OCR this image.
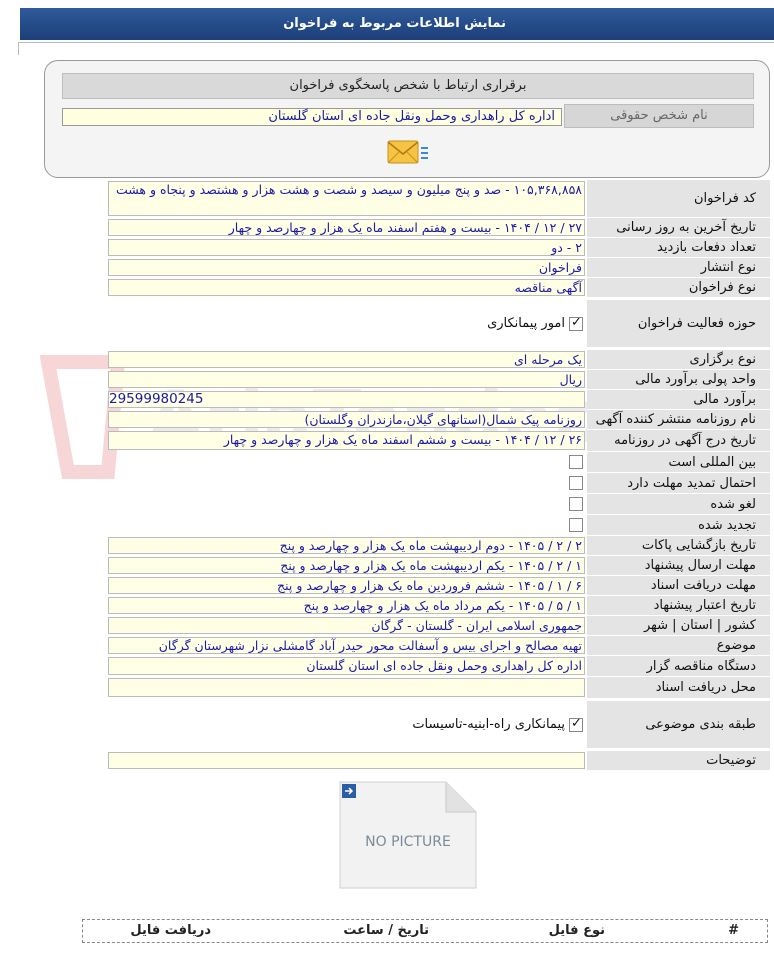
نمایش اطلاعات مربوط به فراخوان
برقراری ارتباط با شخص پاسخگوی فراخوان
نام شخص حقوقی
اداره کل راهداری وحمل ونقل جاده ای استان گلستان
کد فراخوان
۱۰۵,۳۶۸,۸۵۸ - صد و پنج میلیون و سیصد و شصت و هشت هزار و هشتصد و پنجاه و هشت
تاریخ آخرین به روز رسانی
۲۷ / ۱۲ / ۱۴۰۴ - بیست و هفتم اسفند ماه یک هزار و چهارصد و چهار
تعداد دفعات بازدید
۲ - دو
نوع انتشار
فراخوان
نوع فراخوان
آگهی مناقصه
حوزه فعالیت فراخوان
✓
امور پیمانکاری
نوع برگزاری
یک مرحله ای
واحد پولی برآورد مالی
ریال
برآورد مالی
29599980245
نام روزنامه منتشر کننده آگهی
روزنامه پیک شمال(استانهای گیلان،مازندران وگلستان)
تاریخ درج آگهی در روزنامه
۲۶ / ۱۲ / ۱۴۰۴ - بیست و ششم اسفند ماه یک هزار و چهارصد و چهار
بین المللی است
احتمال تمدید مهلت دارد
لغو شده
تجدید شده
تاریخ بازگشایی پاکات
۲ / ۲ / ۱۴۰۵ - دوم اردیبهشت ماه یک هزار و چهارصد و پنج
مهلت ارسال پیشنهاد
۱ / ۲ / ۱۴۰۵ - یکم اردیبهشت ماه یک هزار و چهارصد و پنج
مهلت دریافت اسناد
۶ / ۱ / ۱۴۰۵ - ششم فروردین ماه یک هزار و چهارصد و پنج
تاریخ اعتبار پیشنهاد
۱ / ۵ / ۱۴۰۵ - یکم مرداد ماه یک هزار و چهارصد و پنج
کشور | استان | شهر
جمهوری اسلامی ایران - گلستان - گرگان
موضوع
تهیه مصالح و اجرای بیس و آسفالت محور حیدر آباد گامشلی نزار شهرستان گرگان
دستگاه مناقصه گزار
اداره کل راهداری وحمل ونقل جاده ای استان گلستان
محل دریافت اسناد
طبقه بندی موضوعی
✓
پیمانکاری راه-ابنیه-تاسیسات
توضیحات
NO PICTURE
#
نوع فایل
تاریخ / ساعت
دریافت فایل
